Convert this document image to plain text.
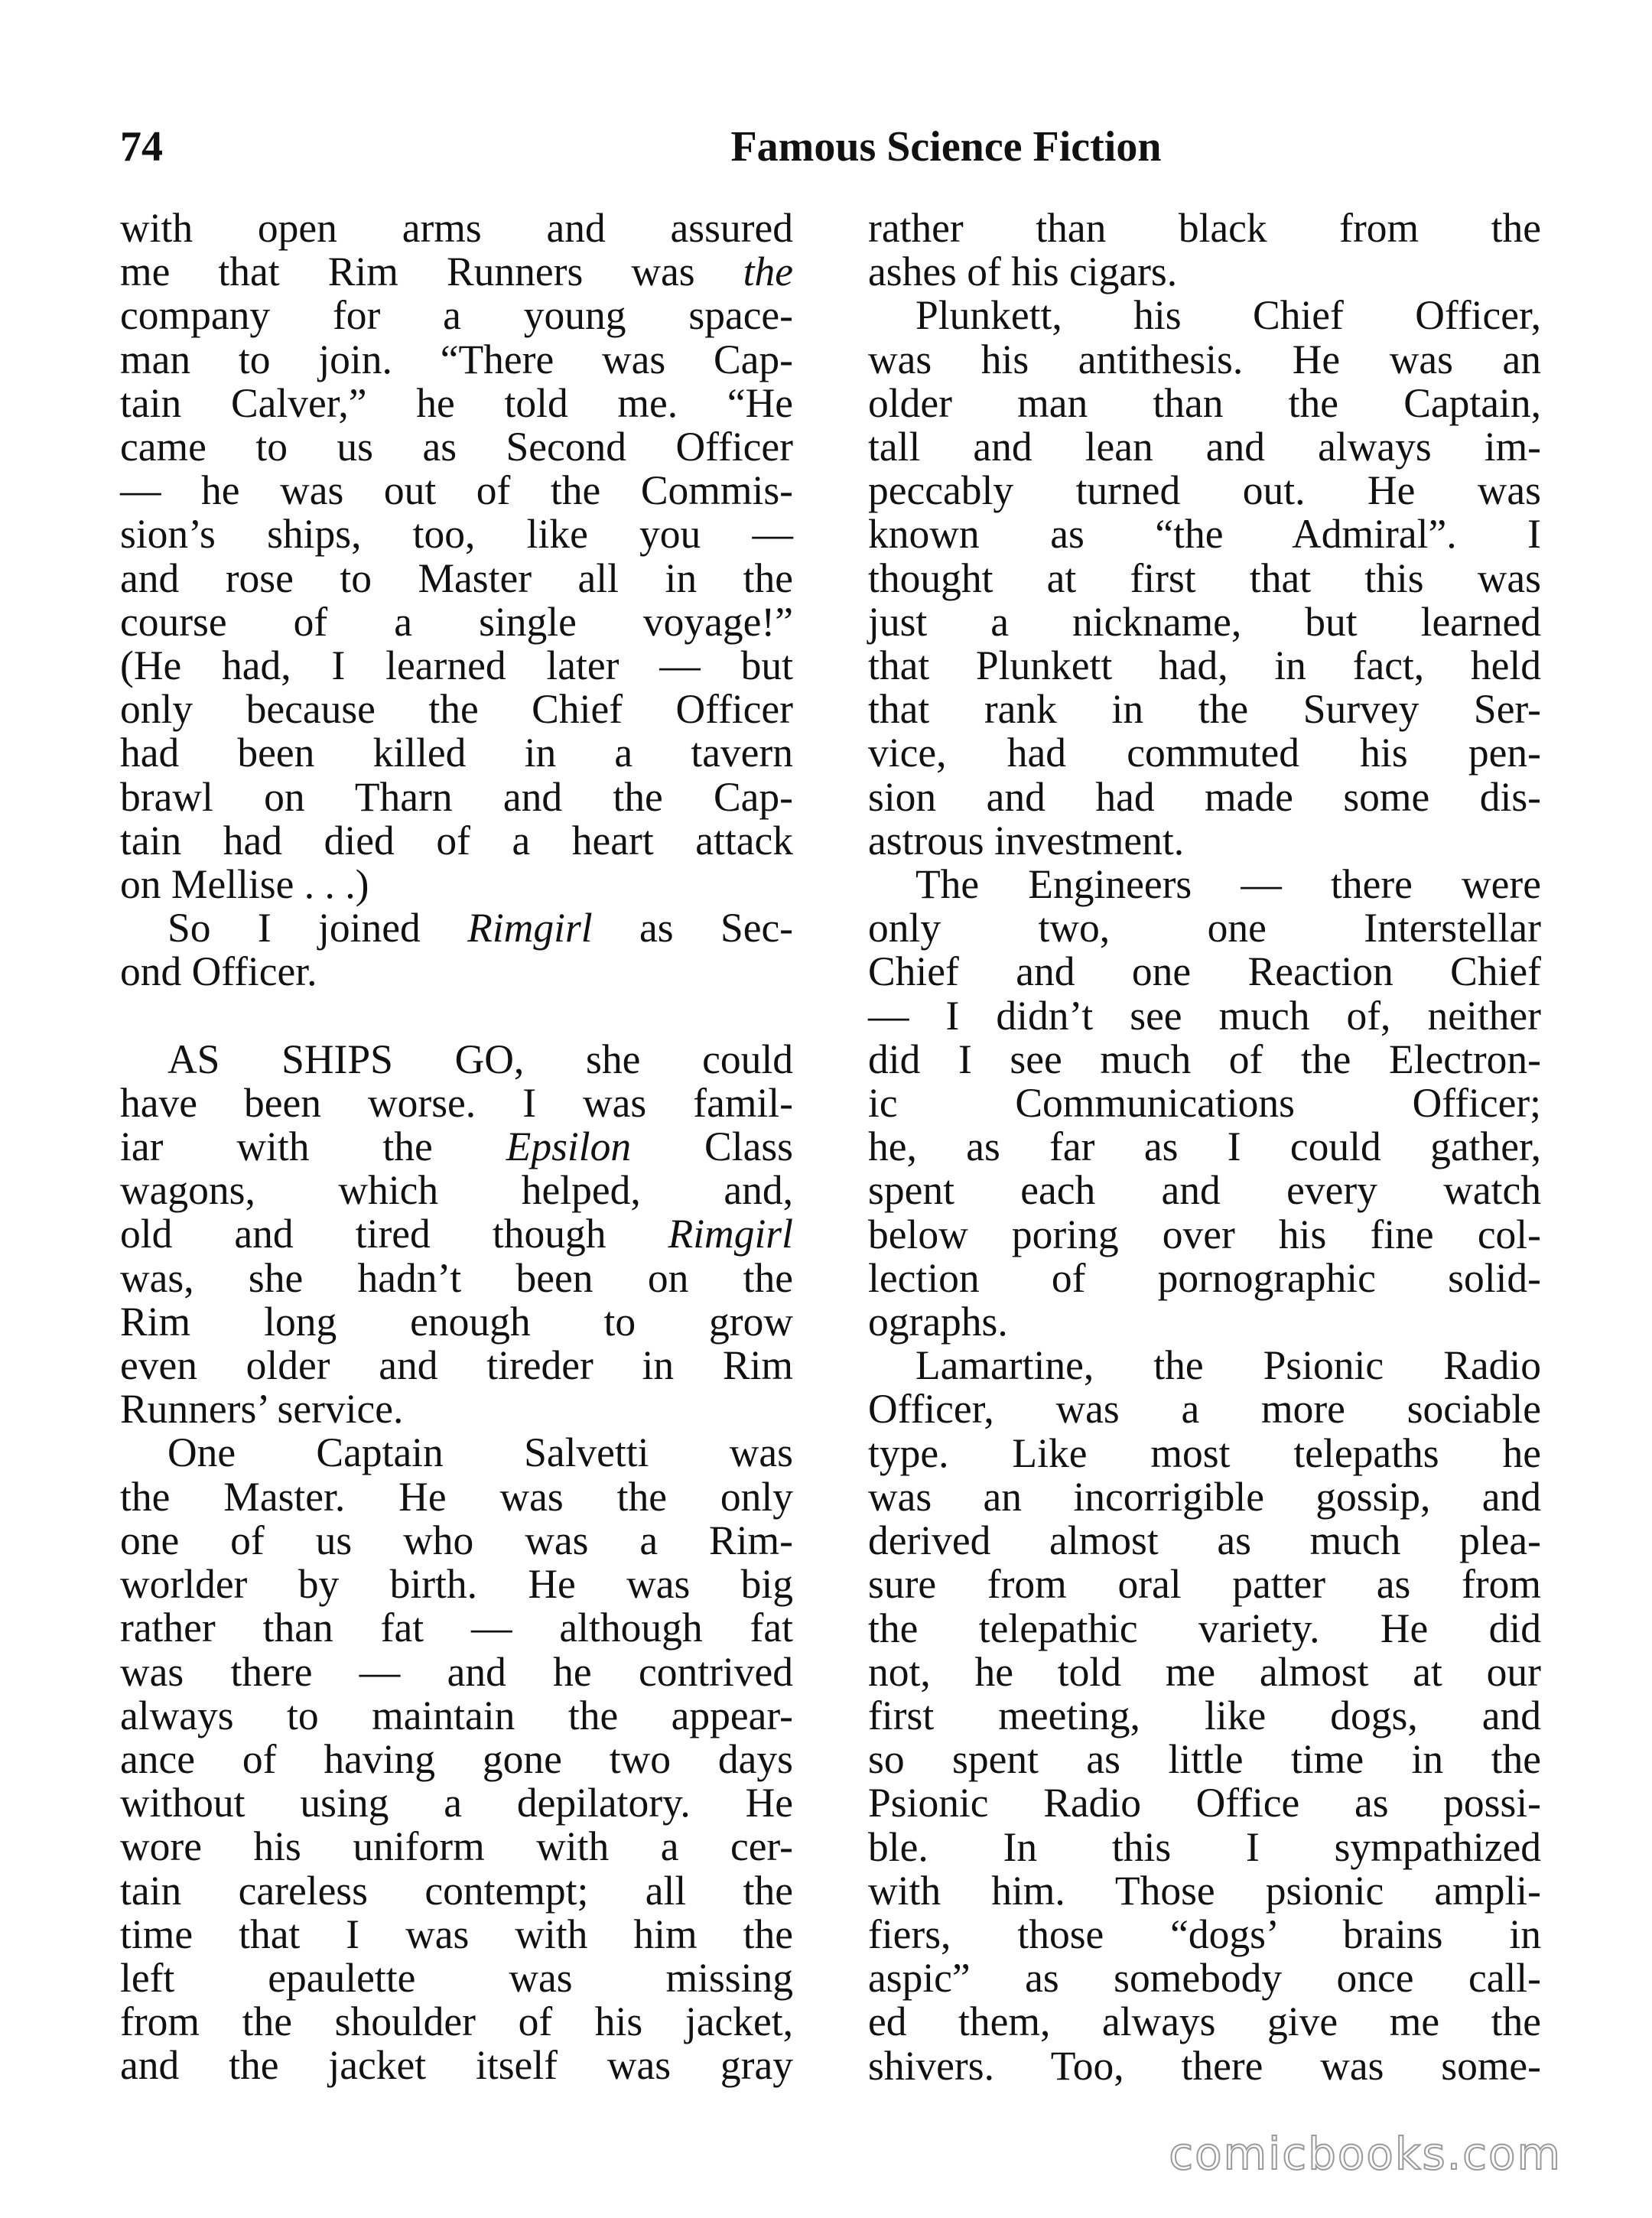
74	Famous Science Fiction
with open arms and assured
me that Rim Runners was the
company for a young space-
man to join. “There was Cap-
tain Calver,” he told me. “He
came to us as Second Officer
— he was out of the Commis-
sion’s ships, too, like you —
and rose to Master all in the
course of a single voyage!”
(He had, I learned later — but
only because the Chief Officer
had been killed in a tavern
brawl on Tharn and the Cap-
tain had died of a heart attack
on Mellise . . .)
So I joined Rimgirl as Sec-
ond Officer.
AS SHIPS GO, she could
have been worse. I was famil-
iar with the Epsilon Class
wagons, which helped, and,
old and tired though Rimgirl
was, she hadn’t been on the
Rim long enough to grow
even older and tireder in Rim
Runners’ service.
One Captain Salvetti was
the Master. He was the only
one of us who was a Rim-
worlder by birth. He was big
rather than fat — although fat
was there — and he contrived
always to maintain the appear-
ance of having gone two days
without using a depilatory. He
wore his uniform with a cer-
tain careless contempt; all the
time that I was with him the
left epaulette was missing
from the shoulder of his jacket,
and the jacket itself was gray
rather than black from the
ashes of his cigars.
Plunkett, his Chief Officer,
was his antithesis. He was an
older man than the Captain,
tall and lean and always im-
peccably turned out. He was
known as “the Admiral”. I
thought at first that this was
just a nickname, but learned
that Plunkett had, in fact, held
that rank in the Survey Ser-
vice, had commuted his pen-
sion and had made some dis-
astrous investment.
The Engineers — there were
only two, one Interstellar
Chief and one Reaction Chief
— I didn’t see much of, neither
did I see much of the Electron-
ic Communications Officer;
he, as far as I could gather,
spent each and every watch
below poring over his fine col-
lection of pornographic solid-
ographs.
Lamartine, the Psionic Radio
Officer, was a more sociable
type. Like most telepaths he
was an incorrigible gossip, and
derived almost as much plea-
sure from oral patter as from
the telepathic variety. He did
not, he told me almost at our
first meeting, like dogs, and
so spent as little time in the
Psionic Radio Office as possi-
ble. In this I sympathized
with him. Those psionic ampli-
fiers, those “dogs’ brains in
aspic” as somebody once call-
ed them, always give me the
shivers. Too, there was some-
comicbooks.com
